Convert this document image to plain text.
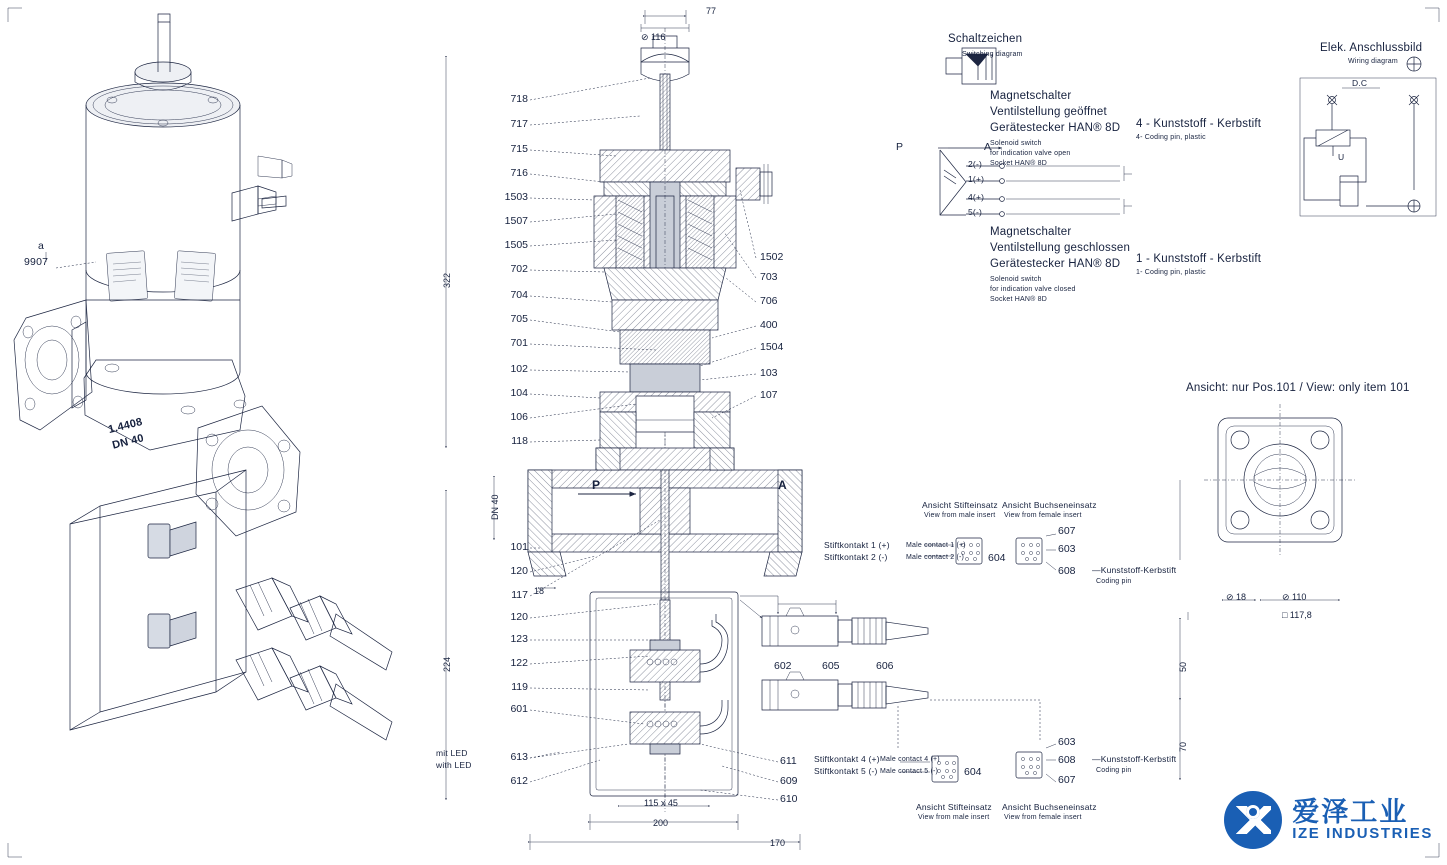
a
9907
1.4408
DN 40
77
⊘ 116
322
224
DN 40
P	A
115 x 45
200
170
18
718
717
715
716
1503
1507
1505
702
704
705
701
102
104
106
118
101
120
117
120
123
122
119
601
613
612
1502
703
706
400
1504
103
107
611
609
610
602	605	606
mit LED
with LED
Schaltzeichen
Switching diagram
P	A
Magnetschalter
Ventilstellung geöffnet
Gerätestecker HAN® 8D
Solenoid switch
for indication valve open
Socket HAN® 8D
Magnetschalter
Ventilstellung geschlossen
Gerätestecker HAN® 8D
Solenoid switch
for indication valve closed
Socket HAN® 8D
2(-)
1(+)
4(+)
5(-)
4 - Kunststoff - Kerbstift
4- Coding pin, plastic
1 - Kunststoff - Kerbstift
1- Coding pin, plastic
Elek. Anschlussbild
Wiring diagram
D.C
U
Ansicht: nur Pos.101 / View: only item 101
⊘ 18	⊘ 110
□ 117,8
50
70
Stiftkontakt 1 (+) Male contact 1 (+)
Stiftkontakt 2 (-)	Male contact 2 (-)
Ansicht Stifteinsatz
View from male insert
Ansicht Buchseneinsatz
View from female insert
607
603
608 —Kunststoff-Kerbstift
Coding pin
604
Stiftkontakt 4 (+) Male contact 4 (+)
Stiftkontakt 5 (-) Male contact 5 (-)
Ansicht Stifteinsatz
View from male insert
Ansicht Buchseneinsatz
View from female insert
603
608
607
—Kunststoff-Kerbstift
Coding pin
604
爱泽工业
IZE INDUSTRIES
